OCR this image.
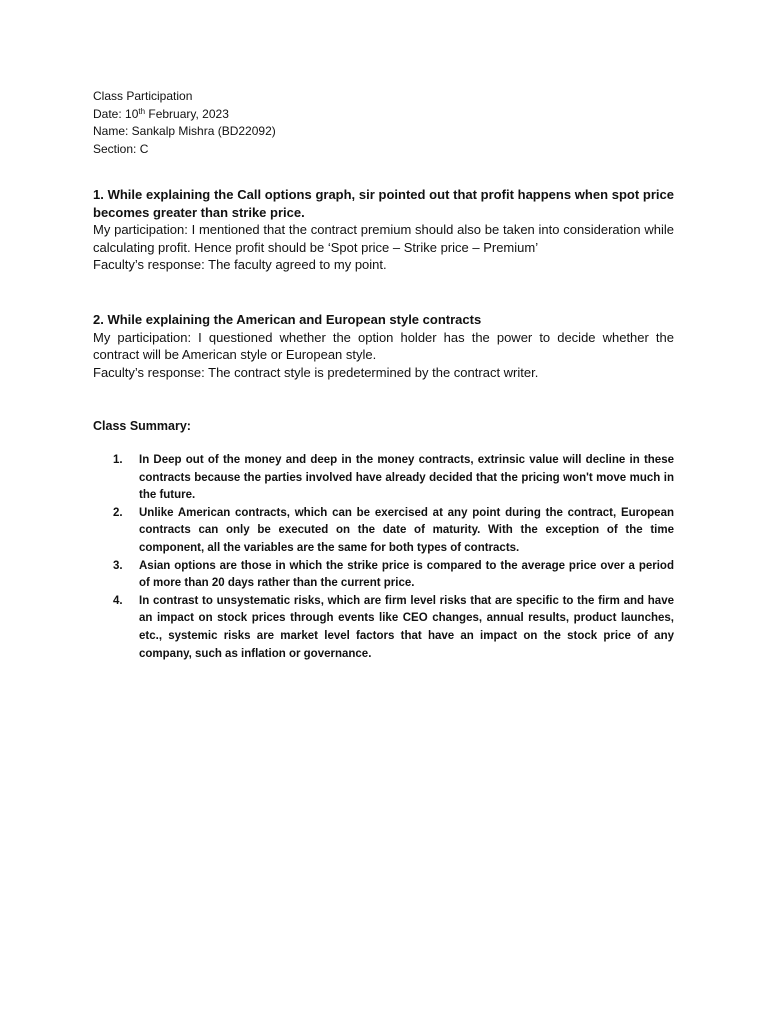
Class Participation
Date: 10th February, 2023
Name: Sankalp Mishra (BD22092)
Section: C

1. While explaining the Call options graph, sir pointed out that profit happens when spot price becomes greater than strike price.

My participation: I mentioned that the contract premium should also be taken into consideration while calculating profit. Hence profit should be ‘Spot price – Strike price – Premium’

Faculty’s response: The faculty agreed to my point.

2. While explaining the American and European style contracts

My participation: I questioned whether the option holder has the power to decide whether the contract will be American style or European style.

Faculty’s response: The contract style is predetermined by the contract writer.

Class Summary:
1. In Deep out of the money and deep in the money contracts, extrinsic value will decline in these contracts because the parties involved have already decided that the pricing won't move much in the future.
2. Unlike American contracts, which can be exercised at any point during the contract, European contracts can only be executed on the date of maturity. With the exception of the time component, all the variables are the same for both types of contracts.
3. Asian options are those in which the strike price is compared to the average price over a period of more than 20 days rather than the current price.
4. In contrast to unsystematic risks, which are firm level risks that are specific to the firm and have an impact on stock prices through events like CEO changes, annual results, product launches, etc., systemic risks are market level factors that have an impact on the stock price of any company, such as inflation or governance.
